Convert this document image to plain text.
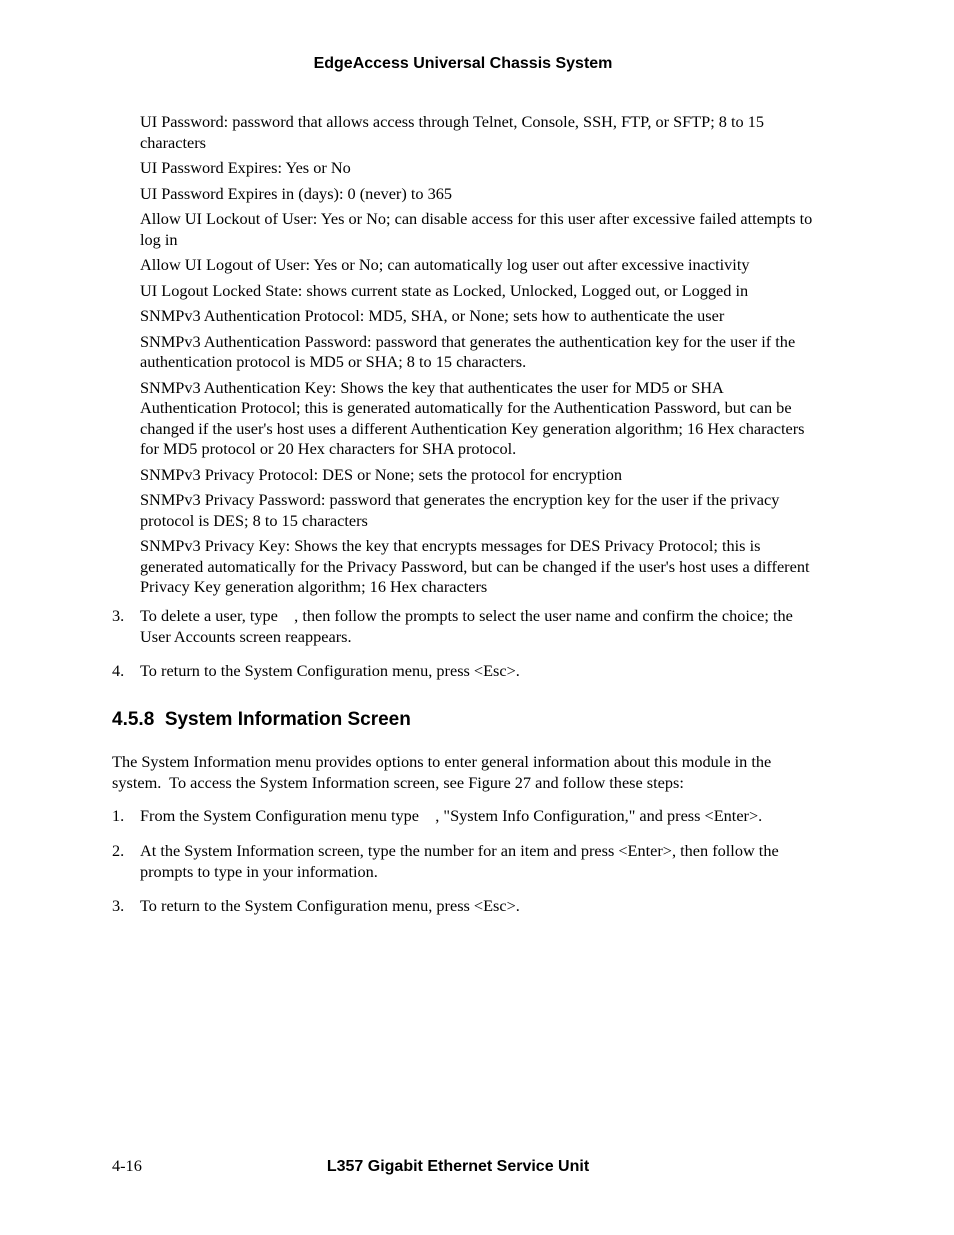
EdgeAccess Universal Chassis System
UI Password: password that allows access through Telnet, Console, SSH, FTP, or SFTP; 8 to 15 characters
UI Password Expires: Yes or No
UI Password Expires in (days): 0 (never) to 365
Allow UI Lockout of User: Yes or No; can disable access for this user after excessive failed attempts to log in
Allow UI Logout of User: Yes or No; can automatically log user out after excessive inactivity
UI Logout Locked State: shows current state as Locked, Unlocked, Logged out, or Logged in
SNMPv3 Authentication Protocol: MD5, SHA, or None; sets how to authenticate the user
SNMPv3 Authentication Password: password that generates the authentication key for the user if the authentication protocol is MD5 or SHA; 8 to 15 characters.
SNMPv3 Authentication Key: Shows the key that authenticates the user for MD5 or SHA Authentication Protocol; this is generated automatically for the Authentication Password, but can be changed if the user's host uses a different Authentication Key generation algorithm; 16 Hex characters for MD5 protocol or 20 Hex characters for SHA protocol.
SNMPv3 Privacy Protocol: DES or None; sets the protocol for encryption
SNMPv3 Privacy Password: password that generates the encryption key for the user if the privacy protocol is DES; 8 to 15 characters
SNMPv3 Privacy Key: Shows the key that encrypts messages for DES Privacy Protocol; this is generated automatically for the Privacy Password, but can be changed if the user's host uses a different Privacy Key generation algorithm; 16 Hex characters
3. To delete a user, type    , then follow the prompts to select the user name and confirm the choice; the User Accounts screen reappears.
4. To return to the System Configuration menu, press <Esc>.
4.5.8  System Information Screen
The System Information menu provides options to enter general information about this module in the system.  To access the System Information screen, see Figure 27 and follow these steps:
1. From the System Configuration menu type    , "System Info Configuration," and press <Enter>.
2. At the System Information screen, type the number for an item and press <Enter>, then follow the prompts to type in your information.
3. To return to the System Configuration menu, press <Esc>.
4-16	L357 Gigabit Ethernet Service Unit
